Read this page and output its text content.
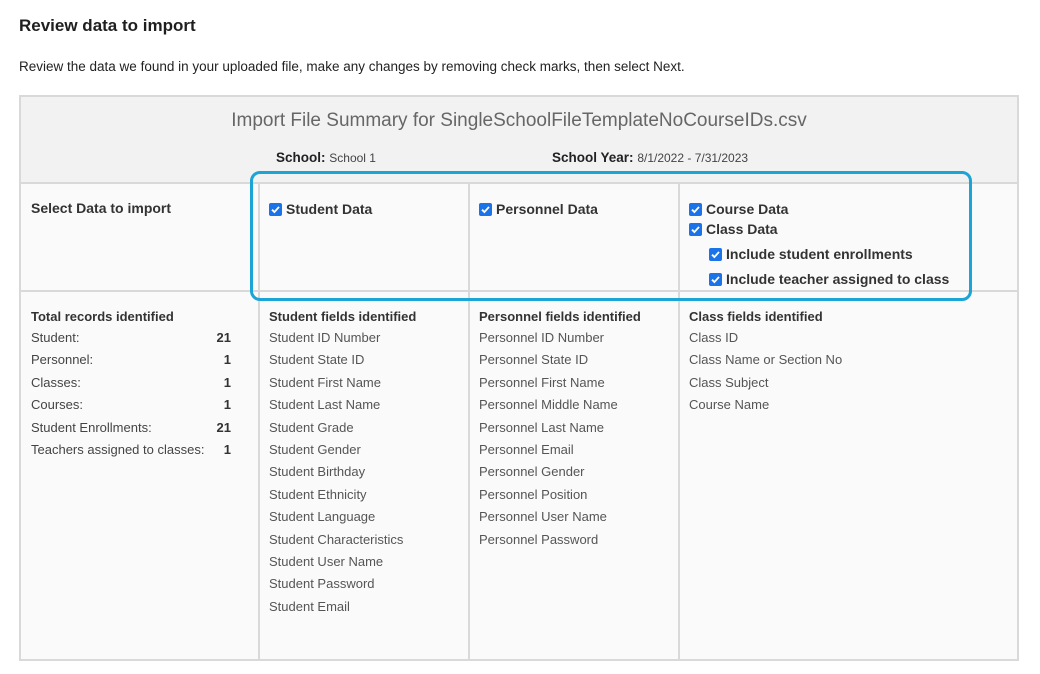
Review data to import
Review the data we found in your uploaded file, make any changes by removing check marks, then select Next.
Import File Summary for SingleSchoolFileTemplateNoCourseIDs.csv
School: School 1	School Year: 8/1/2022 - 7/31/2023
Select Data to import	Student Data	Personnel Data	Course Data
Class Data
Include student enrollments
Include teacher assigned to class
Total records identified
Student:	21
Personnel:	1
Classes:	1
Courses:	1
Student Enrollments:	21
Teachers assigned to classes: 1
Student fields identified
Student ID Number
Student State ID
Student First Name
Student Last Name
Student Grade
Student Gender
Student Birthday
Student Ethnicity
Student Language
Student Characteristics
Student User Name
Student Password
Student Email
Personnel fields identified
Personnel ID Number
Personnel State ID
Personnel First Name
Personnel Middle Name
Personnel Last Name
Personnel Email
Personnel Gender
Personnel Position
Personnel User Name
Personnel Password
Class fields identified
Class ID
Class Name or Section No
Class Subject
Course Name
